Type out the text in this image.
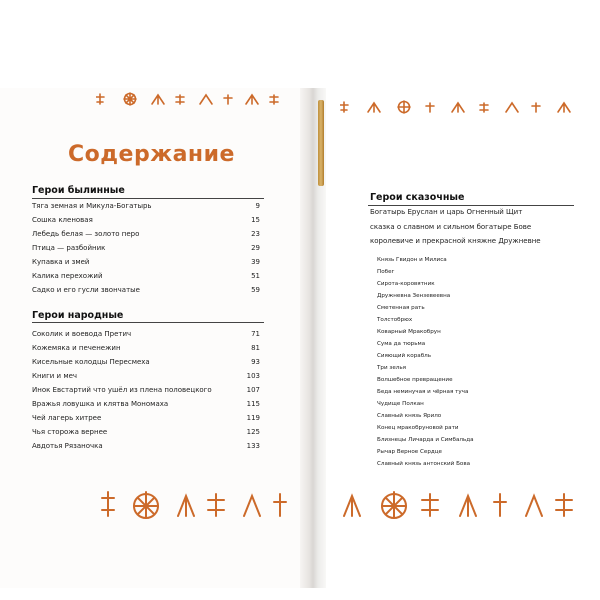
Содержание
Герои былинные
Тяга земная и Микула-Богатырь	9
Сошка кленовая	15
Лебедь белая — золото перо	23
Птица — разбойник	29
Купавка и змей	39
Калика перехожий	51
Садко и его гусли звончатые	59
Герои народные
Соколик и воевода Претич	71
Кожемяка и печенежин	81
Кисельные колодцы Пересмеха	93
Книги и меч	103
Инок Евстартий что ушёл из плена половецкого	107
Вражья ловушка и клятва Мономаха	115
Чей лагерь хитрее	119
Чья сторожа вернее	125
Авдотья Рязаночка	133
Герои сказочные
Богатырь Еруслан и царь Огненный Щит
сказка о славном и сильном богатыре Бове
королевиче и прекрасной княжне Дружневне
Князь Гвидон и Милиса
Побег
Сирота-коровятник
Дружневна Зензевеевна
Сметенная рать
Толстобрюх
Коварный Мракобрун
Сума да тюрьма
Сияющий корабль
Три зелья
Волшебное превращение
Беда неминучая и чёрная туча
Чудище Полкан
Славный князь Ярило
Конец мракобруновой рати
Близнецы Личарда и Симбальда
Рычар Верное Сердце
Славный князь антонский Бова
